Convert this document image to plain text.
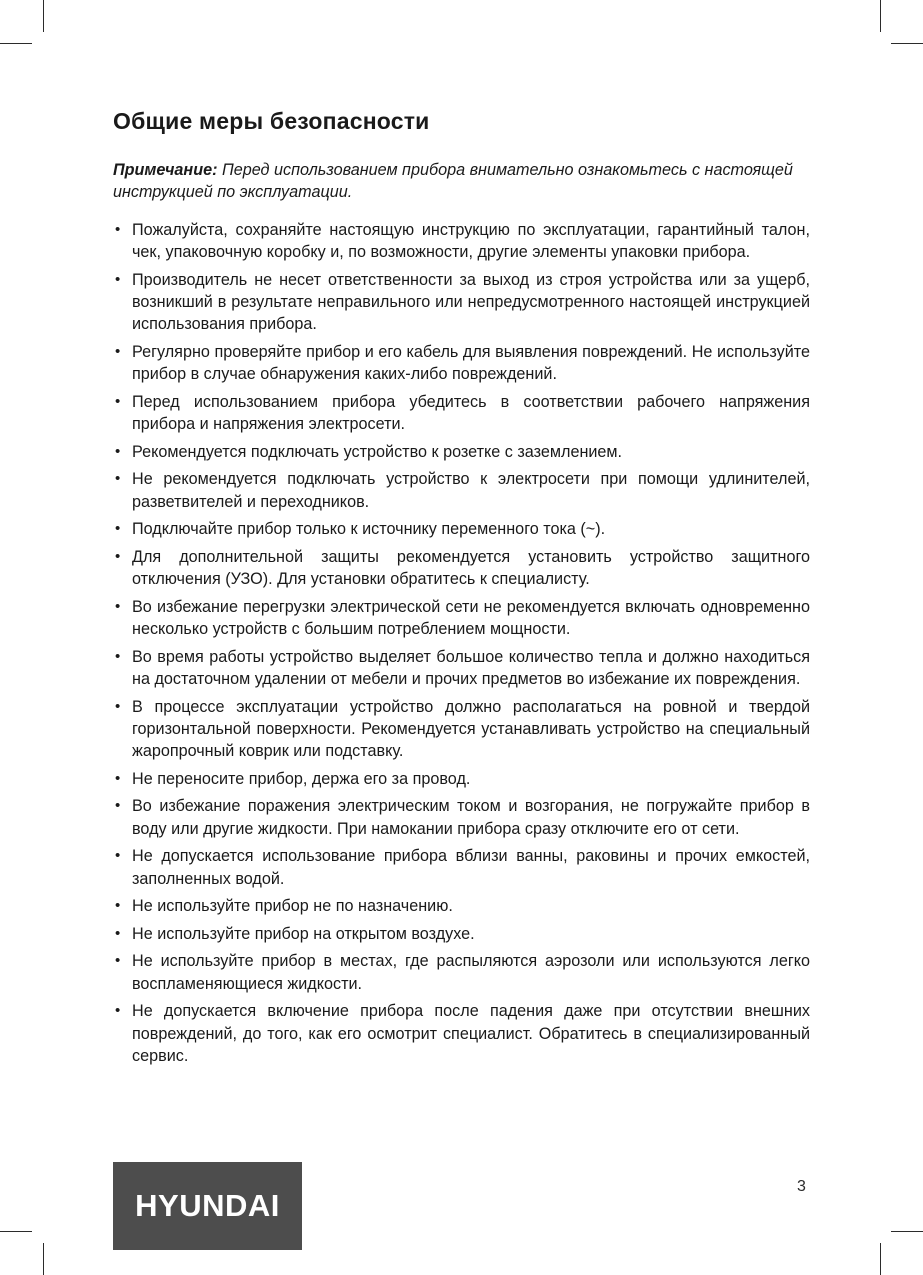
Общие меры безопасности

Примечание: Перед использованием прибора внимательно ознакомьтесь с настоящей инструкцией по эксплуатации.

• Пожалуйста, сохраняйте настоящую инструкцию по эксплуатации, гарантийный талон, чек, упаковочную коробку и, по возможности, другие элементы упаковки прибора.
• Производитель не несет ответственности за выход из строя устройства или за ущерб, возникший в результате неправильного или непредусмотренного настоящей инструкцией использования прибора.
• Регулярно проверяйте прибор и его кабель для выявления повреждений. Не используйте прибор в случае обнаружения каких-либо повреждений.
• Перед использованием прибора убедитесь в соответствии рабочего напряжения прибора и напряжения электросети.
• Рекомендуется подключать устройство к розетке с заземлением.
• Не рекомендуется подключать устройство к электросети при помощи удлинителей, разветвителей и переходников.
• Подключайте прибор только к источнику переменного тока (~).
• Для дополнительной защиты рекомендуется установить устройство защитного отключения (УЗО). Для установки обратитесь к специалисту.
• Во избежание перегрузки электрической сети не рекомендуется включать одновременно несколько устройств с большим потреблением мощности.
• Во время работы устройство выделяет большое количество тепла и должно находиться на достаточном удалении от мебели и прочих предметов во избежание их повреждения.
• В процессе эксплуатации устройство должно располагаться на ровной и твердой горизонтальной поверхности. Рекомендуется устанавливать устройство на специальный жаропрочный коврик или подставку.
• Не переносите прибор, держа его за провод.
• Во избежание поражения электрическим током и возгорания, не погружайте прибор в воду или другие жидкости. При намокании прибора сразу отключите его от сети.
• Не допускается использование прибора вблизи ванны, раковины и прочих емкостей, заполненных водой.
• Не используйте прибор не по назначению.
• Не используйте прибор на открытом воздухе.
• Не используйте прибор в местах, где распыляются аэрозоли или используются легко воспламеняющиеся жидкости.
• Не допускается включение прибора после падения даже при отсутствии внешних повреждений, до того, как его осмотрит специалист. Обратитесь в специализированный сервис.
HYUNDAI
3
